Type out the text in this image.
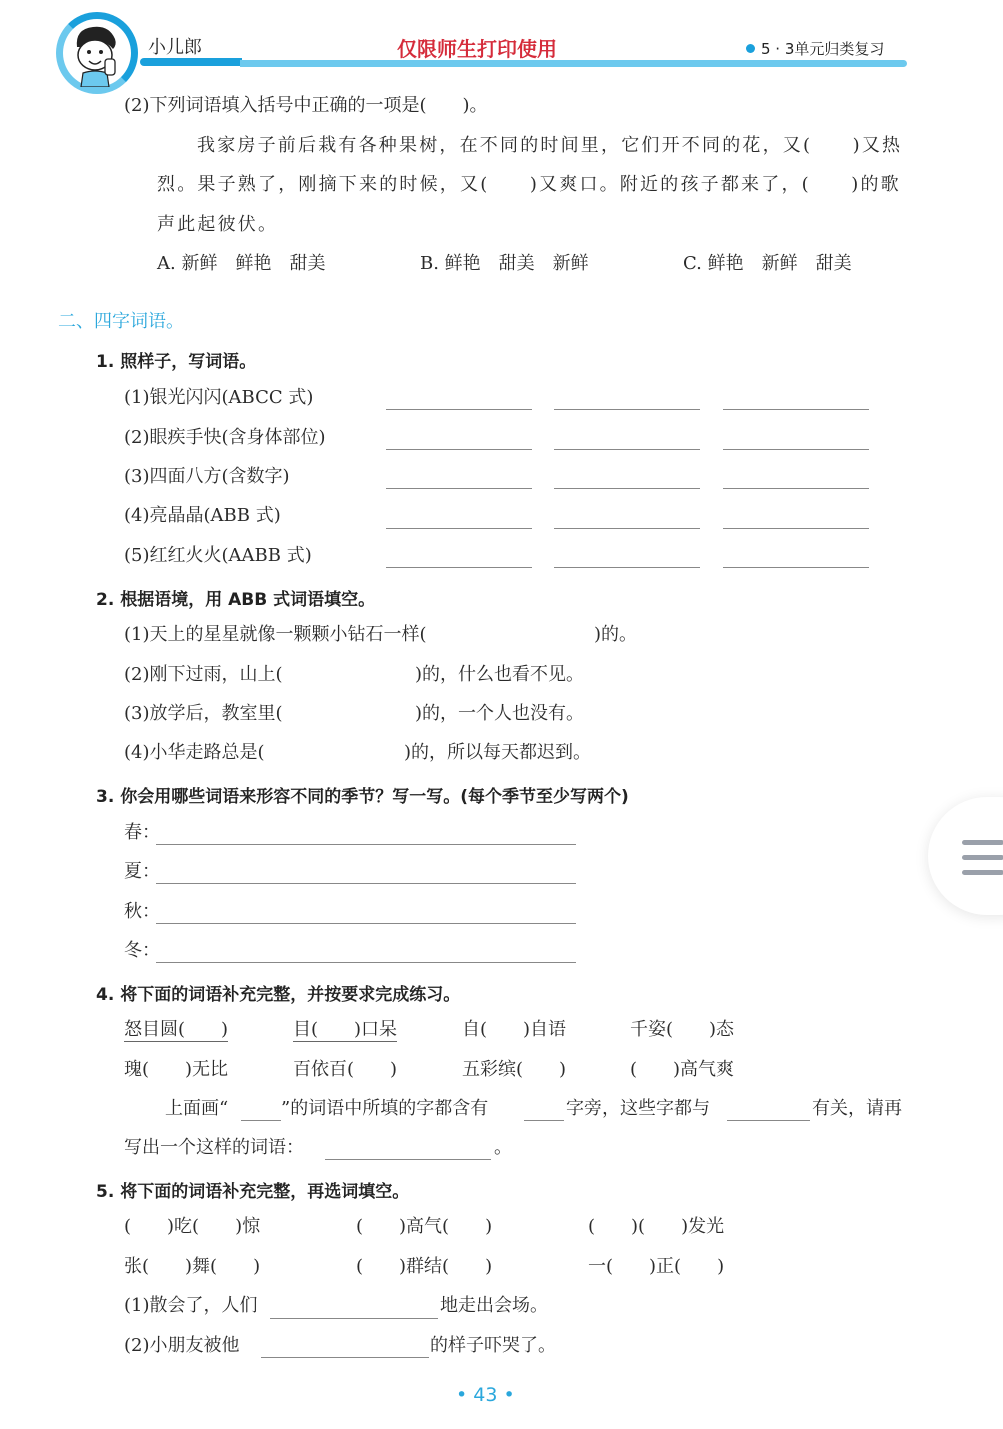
小儿郎	仅限师生打印使用	5 · 3单元归类复习
(2)下列词语填入括号中正确的一项是(　　)。
我家房子前后栽有各种果树，在不同的时间里，它们开不同的花，又(　　)又热
烈。果子熟了，刚摘下来的时候，又(　　)又爽口。附近的孩子都来了，(　　)的歌
声此起彼伏。
A. 新鲜　鲜艳　甜美	B. 鲜艳　甜美　新鲜	C. 鲜艳　新鲜　甜美
二、四字词语。
1. 照样子，写词语。
(1)银光闪闪(ABCC 式)
(2)眼疾手快(含身体部位)
(3)四面八方(含数字)
(4)亮晶晶(ABB 式)
(5)红红火火(AABB 式)
2. 根据语境，用 ABB 式词语填空。
(1)天上的星星就像一颗颗小钻石一样(	)的。
(2)刚下过雨，山上(	)的，什么也看不见。
(3)放学后，教室里(	)的，一个人也没有。
(4)小华走路总是(	)的，所以每天都迟到。
3. 你会用哪些词语来形容不同的季节？写一写。(每个季节至少写两个)
春：
夏：
秋：
冬：
4. 将下面的词语补充完整，并按要求完成练习。
怒目圆(　　)	目(　　)口呆	自(　　)自语	千姿(　　)态
瑰(　　)无比	百依百(　　)	五彩缤(　　)	(　　)高气爽
上面画“	”的词语中所填的字都含有	字旁，这些字都与	有关，请再
写出一个这样的词语：	。
5. 将下面的词语补充完整，再选词填空。
(　　)吃(　　)惊	(　　)高气(　　)	(　　)(　　)发光
张(　　)舞(　　)	(　　)群结(　　)	一(　　)正(　　)
(1)散会了，人们	地走出会场。
(2)小朋友被他	的样子吓哭了。
• 43 •
